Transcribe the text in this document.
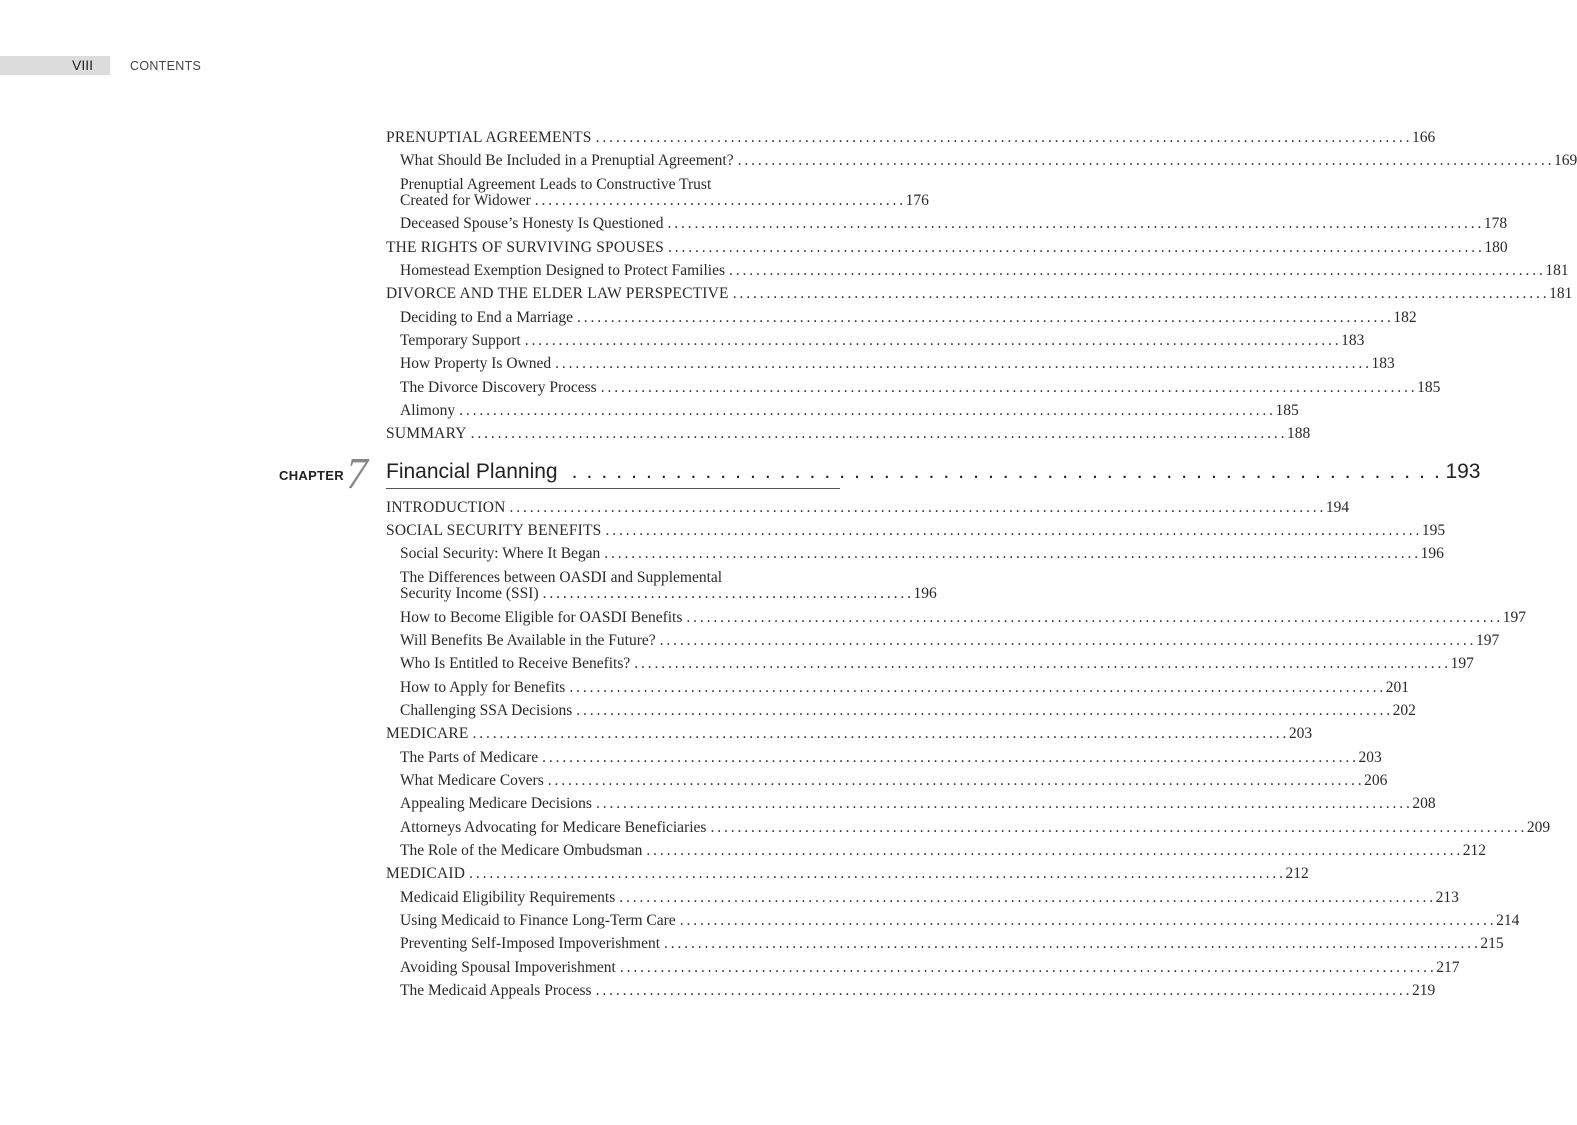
VIII	CONTENTS
PRENUPTIAL AGREEMENTS . . .	166
What Should Be Included in a Prenuptial Agreement? . . .	169
Prenuptial Agreement Leads to Constructive Trust
Created for Widower . . . . . . . . . . . . . . . . . . . . . . . . . . . . . . . . . . . . . . . . . . . . . . . . . . . . . . . 176
Deceased Spouse’s Honesty Is Questioned . . .	178
THE RIGHTS OF SURVIVING SPOUSES . . .	180
Homestead Exemption Designed to Protect Families . . .	181
DIVORCE AND THE ELDER LAW PERSPECTIVE . . .	181
Deciding to End a Marriage . . .	182
Temporary Support . . .	183
How Property Is Owned . . .	183
The Divorce Discovery Process . . .	185
Alimony . . .	185
SUMMARY . . .	188
CHAPTER 7 Financial Planning . . .	193
INTRODUCTION . . .	194
SOCIAL SECURITY BENEFITS . . .	195
Social Security: Where It Began . . .	196
The Differences between OASDI and Supplemental
Security Income (SSI) . . . . . . . . . . . . . . . . . . . . . . . . . . . . . . . . . . . . . . . . . . . . . . . . . . . . . . . 196
How to Become Eligible for OASDI Benefits . . .	197
Will Benefits Be Available in the Future? . . .	197
Who Is Entitled to Receive Benefits? . . .	197
How to Apply for Benefits . . .	201
Challenging SSA Decisions . . .	202
MEDICARE . . .	203
The Parts of Medicare . . .	203
What Medicare Covers . . .	206
Appealing Medicare Decisions . . .	208
Attorneys Advocating for Medicare Beneficiaries . . .	209
The Role of the Medicare Ombudsman . . .	212
MEDICAID . . .	212
Medicaid Eligibility Requirements . . .	213
Using Medicaid to Finance Long-Term Care . . .	214
Preventing Self-Imposed Impoverishment . . .	215
Avoiding Spousal Impoverishment . . .	217
The Medicaid Appeals Process . . .	219
